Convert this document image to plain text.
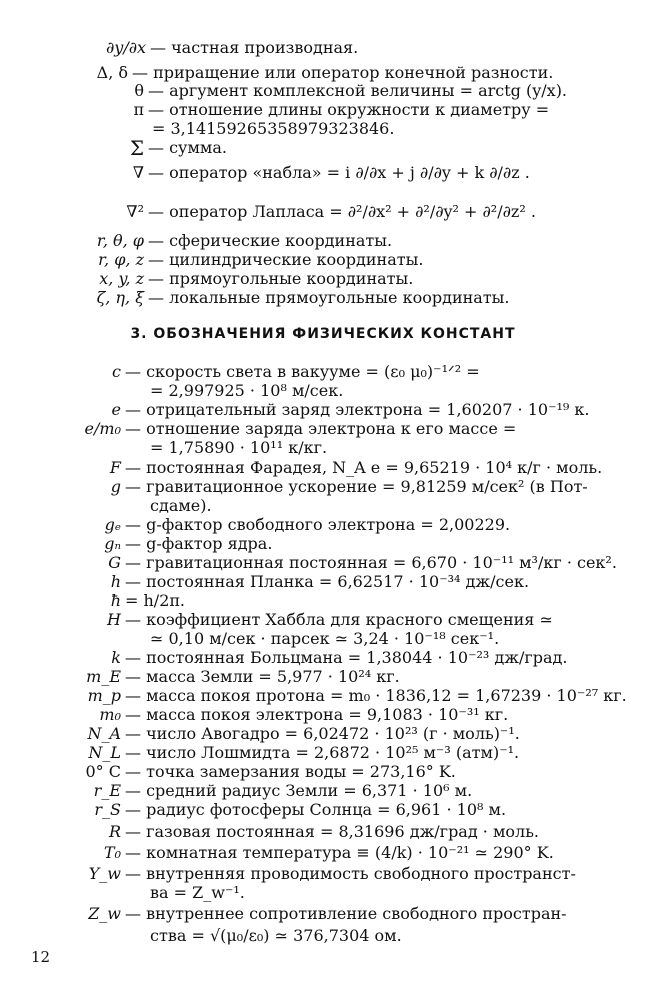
∂y/∂x — частная производная.
Δ, δ — приращение или оператор конечной разности.
θ — аргумент комплексной величины = arctg (y/x).
π — отношение длины окружности к диаметру =
= 3,14159265358979323846.
Σ — сумма.
∇ — оператор «набла» = i ∂/∂x + j ∂/∂y + k ∂/∂z .
∇² — оператор Лапласа = ∂²/∂x² + ∂²/∂y² + ∂²/∂z² .
r, θ, φ — сферические координаты.
r, φ, z — цилиндрические координаты.
x, y, z — прямоугольные координаты.
ζ, η, ξ — локальные прямоугольные координаты.
3. ОБОЗНАЧЕНИЯ ФИЗИЧЕСКИХ КОНСТАНТ
c — скорость света в вакууме = (ε₀ μ₀)⁻¹ᐟ² =
= 2,997925 · 10⁸ м/сек.
e — отрицательный заряд электрона = 1,60207 · 10⁻¹⁹ к.
e/m₀ — отношение заряда электрона к его массе =
= 1,75890 · 10¹¹ к/кг.
F — постоянная Фарадея, N_A e = 9,65219 · 10⁴ к/г · моль.
g — гравитационное ускорение = 9,81259 м/сек² (в Пот-
сдаме).
gₑ — g-фактор свободного электрона = 2,00229.
gₙ — g-фактор ядра.
G — гравитационная постоянная = 6,670 · 10⁻¹¹ м³/кг · сек².
h — постоянная Планка = 6,62517 · 10⁻³⁴ дж/сек.
ħ = h/2π.
H — коэффициент Хаббла для красного смещения ≃
≃ 0,10 м/сек · парсек ≃ 3,24 · 10⁻¹⁸ сек⁻¹.
k — постоянная Больцмана = 1,38044 · 10⁻²³ дж/град.
m_E — масса Земли = 5,977 · 10²⁴ кг.
m_p — масса покоя протона = m₀ · 1836,12 = 1,67239 · 10⁻²⁷ кг.
m₀ — масса покоя электрона = 9,1083 · 10⁻³¹ кг.
N_A — число Авогадро = 6,02472 · 10²³ (г · моль)⁻¹.
N_L — число Лошмидта = 2,6872 · 10²⁵ м⁻³ (атм)⁻¹.
0° C — точка замерзания воды = 273,16° K.
r_E — средний радиус Земли = 6,371 · 10⁶ м.
r_S — радиус фотосферы Солнца = 6,961 · 10⁸ м.
R — газовая постоянная = 8,31696 дж/град · моль.
T₀ — комнатная температура ≡ (4/k) · 10⁻²¹ ≃ 290° K.
Y_w — внутренняя проводимость свободного пространст-
ва = Z_w⁻¹.
Z_w — внутреннее сопротивление свободного простран-
ства = √(μ₀/ε₀) ≃ 376,7304 ом.
12
